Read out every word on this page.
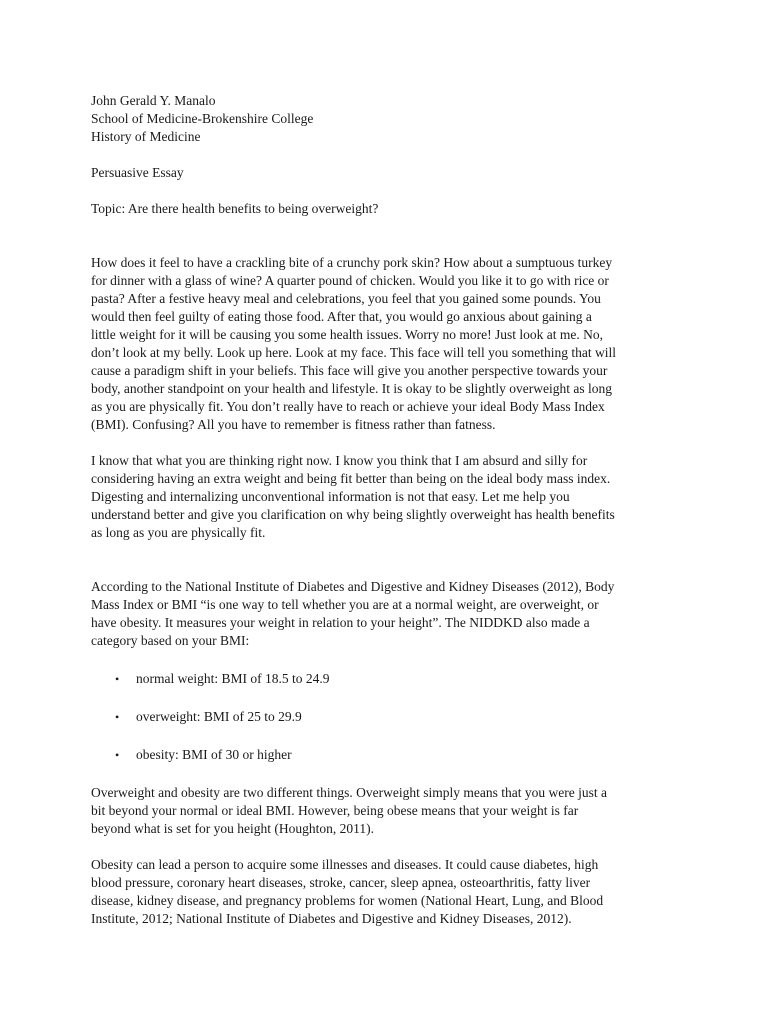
John Gerald Y. Manalo
School of Medicine-Brokenshire College
History of Medicine
Persuasive Essay
Topic: Are there health benefits to being overweight?

How does it feel to have a crackling bite of a crunchy pork skin? How about a sumptuous turkey
for dinner with a glass of wine? A quarter pound of chicken. Would you like it to go with rice or
pasta? After a festive heavy meal and celebrations, you feel that you gained some pounds. You
would then feel guilty of eating those food. After that, you would go anxious about gaining a
little weight for it will be causing you some health issues. Worry no more! Just look at me. No,
don’t look at my belly. Look up here. Look at my face. This face will tell you something that will
cause a paradigm shift in your beliefs. This face will give you another perspective towards your
body, another standpoint on your health and lifestyle. It is okay to be slightly overweight as long
as you are physically fit. You don’t really have to reach or achieve your ideal Body Mass Index
(BMI). Confusing? All you have to remember is fitness rather than fatness.

I know that what you are thinking right now. I know you think that I am absurd and silly for
considering having an extra weight and being fit better than being on the ideal body mass index.
Digesting and internalizing unconventional information is not that easy. Let me help you
understand better and give you clarification on why being slightly overweight has health benefits
as long as you are physically fit.

According to the National Institute of Diabetes and Digestive and Kidney Diseases (2012), Body
Mass Index or BMI “is one way to tell whether you are at a normal weight, are overweight, or
have obesity. It measures your weight in relation to your height”. The NIDDKD also made a
category based on your BMI:

• normal weight: BMI of 18.5 to 24.9
• overweight: BMI of 25 to 29.9
• obesity: BMI of 30 or higher

Overweight and obesity are two different things. Overweight simply means that you were just a
bit beyond your normal or ideal BMI. However, being obese means that your weight is far
beyond what is set for you height (Houghton, 2011).

Obesity can lead a person to acquire some illnesses and diseases. It could cause diabetes, high
blood pressure, coronary heart diseases, stroke, cancer, sleep apnea, osteoarthritis, fatty liver
disease, kidney disease, and pregnancy problems for women (National Heart, Lung, and Blood
Institute, 2012; National Institute of Diabetes and Digestive and Kidney Diseases, 2012).
